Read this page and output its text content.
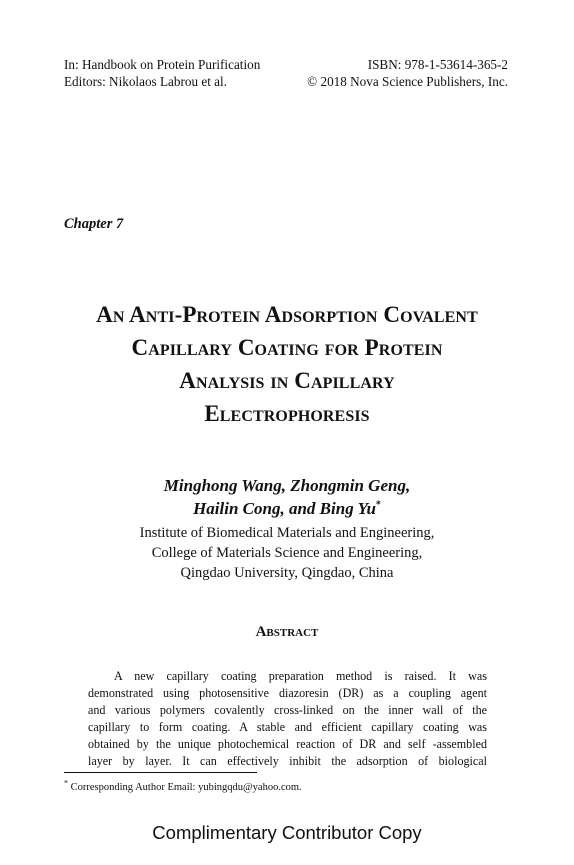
In: Handbook on Protein Purification	ISBN: 978-1-53614-365-2
Editors: Nikolaos Labrou et al.	© 2018 Nova Science Publishers, Inc.
Chapter 7
An Anti-Protein Adsorption Covalent
Capillary Coating for Protein
Analysis in Capillary
Electrophoresis
Minghong Wang, Zhongmin Geng,
Hailin Cong, and Bing Yu*
Institute of Biomedical Materials and Engineering,
College of Materials Science and Engineering,
Qingdao University, Qingdao, China
Abstract
A new capillary coating preparation method is raised. It was
demonstrated using photosensitive diazoresin (DR) as a coupling agent
and various polymers covalently cross-linked on the inner wall of the
capillary to form coating. A stable and efficient capillary coating was
obtained by the unique photochemical reaction of DR and self -assembled
layer by layer. It can effectively inhibit the adsorption of biological
* Corresponding Author Email: yubingqdu@yahoo.com.
Complimentary Contributor Copy
